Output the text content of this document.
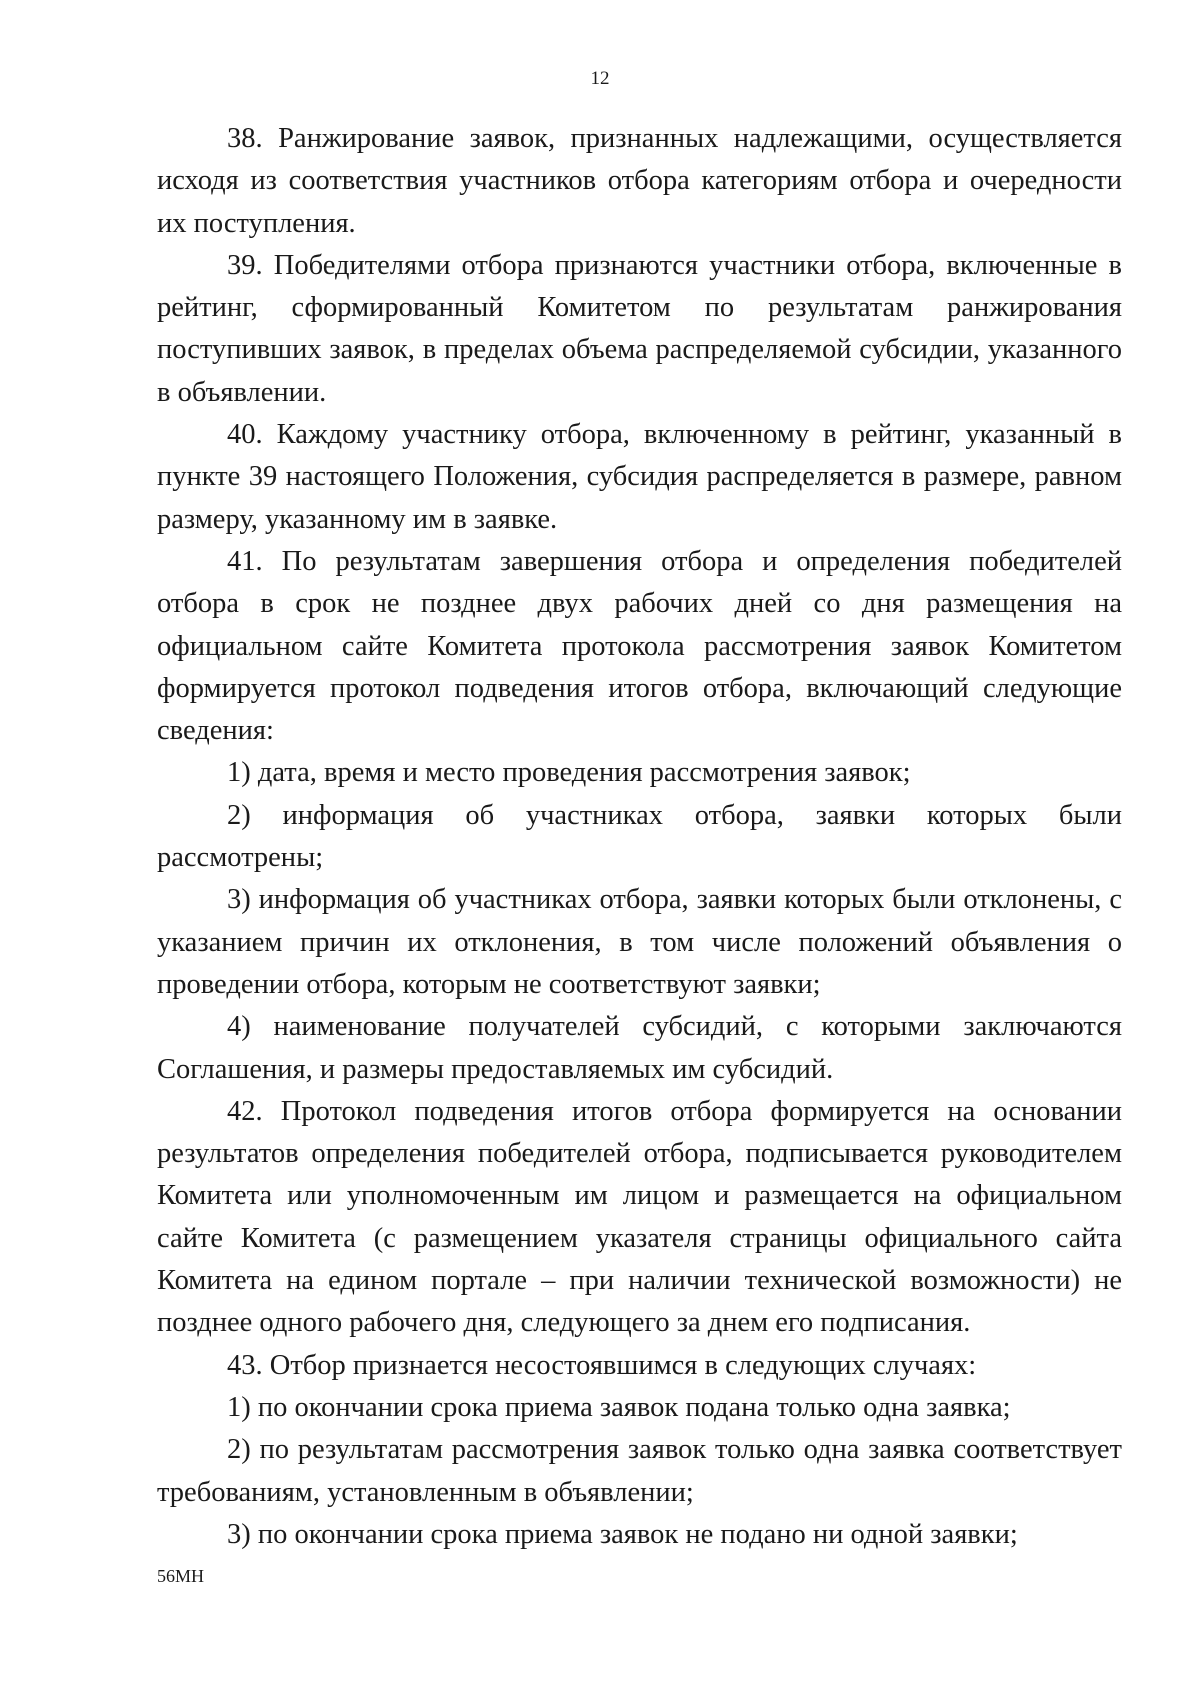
12

38. Ранжирование заявок, признанных надлежащими, осуществляется исходя из соответствия участников отбора категориям отбора и очередности их поступления.

39. Победителями отбора признаются участники отбора, включенные в рейтинг, сформированный Комитетом по результатам ранжирования поступивших заявок, в пределах объема распределяемой субсидии, указанного в объявлении.

40. Каждому участнику отбора, включенному в рейтинг, указанный в пункте 39 настоящего Положения, субсидия распределяется в размере, равном размеру, указанному им в заявке.

41. По результатам завершения отбора и определения победителей отбора в срок не позднее двух рабочих дней со дня размещения на официальном сайте Комитета протокола рассмотрения заявок Комитетом формируется протокол подведения итогов отбора, включающий следующие сведения:

1) дата, время и место проведения рассмотрения заявок;

2) информация об участниках отбора, заявки которых были рассмотрены;

3) информация об участниках отбора, заявки которых были отклонены, с указанием причин их отклонения, в том числе положений объявления о проведении отбора, которым не соответствуют заявки;

4) наименование получателей субсидий, с которыми заключаются Соглашения, и размеры предоставляемых им субсидий.

42. Протокол подведения итогов отбора формируется на основании результатов определения победителей отбора, подписывается руководителем Комитета или уполномоченным им лицом и размещается на официальном сайте Комитета (с размещением указателя страницы официального сайта Комитета на едином портале – при наличии технической возможности) не позднее одного рабочего дня, следующего за днем его подписания.

43. Отбор признается несостоявшимся в следующих случаях:

1) по окончании срока приема заявок подана только одна заявка;

2) по результатам рассмотрения заявок только одна заявка соответствует требованиям, установленным в объявлении;

3) по окончании срока приема заявок не подано ни одной заявки;

56МН
